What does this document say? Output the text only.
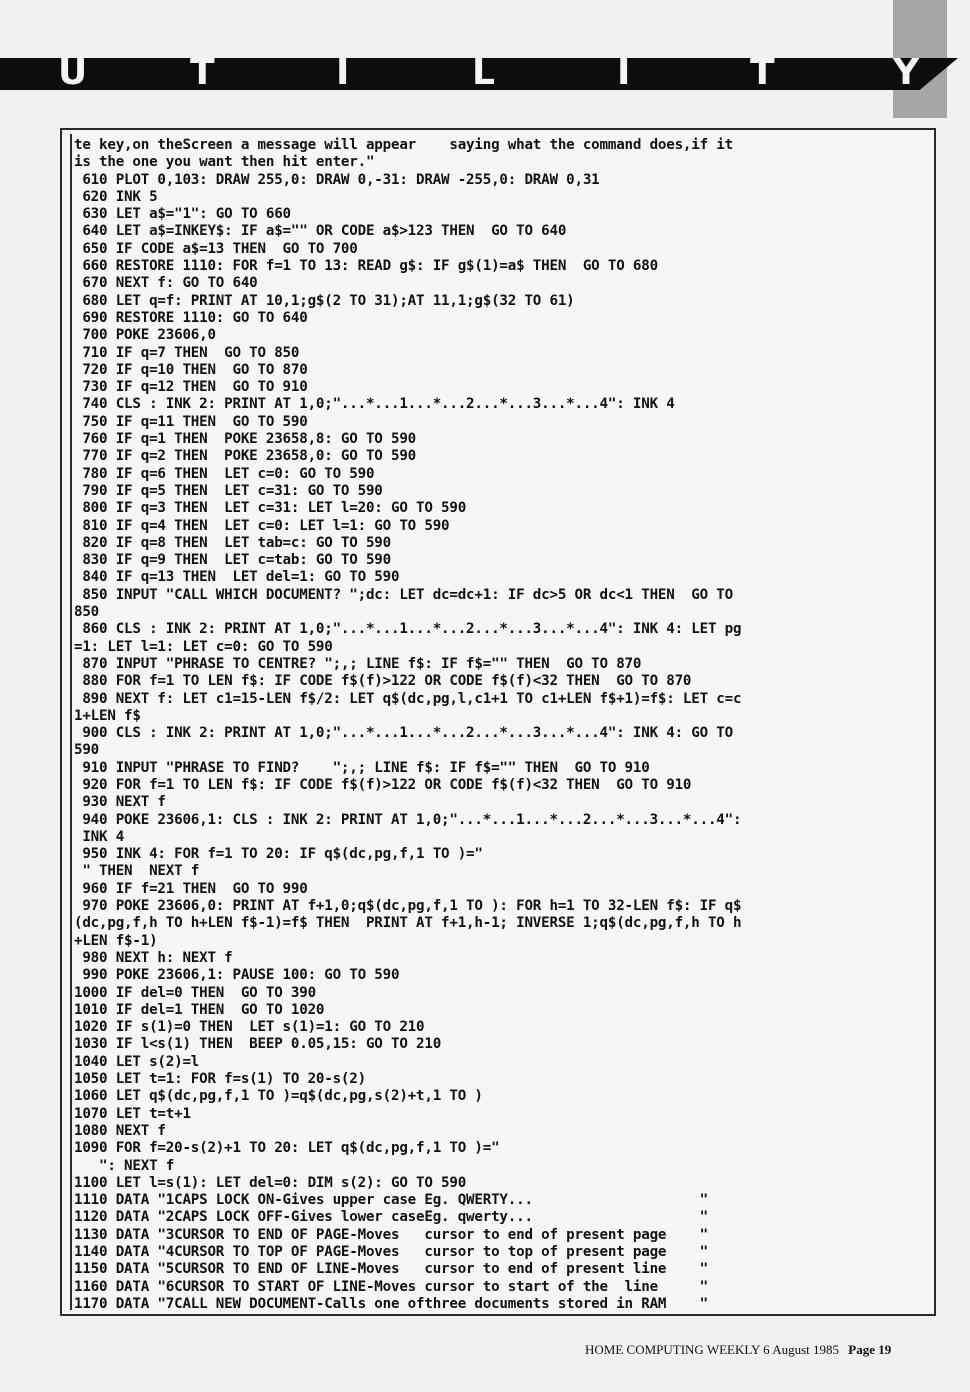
U	T	I	L	I	T	Y
te key,on theScreen a message will appear    saying what the command does,if it
is the one you want then hit enter."
610 PLOT 0,103: DRAW 255,0: DRAW 0,-31: DRAW -255,0: DRAW 0,31
620 INK 5
630 LET a$="1": GO TO 660
640 LET a$=INKEY$: IF a$="" OR CODE a$>123 THEN  GO TO 640
650 IF CODE a$=13 THEN  GO TO 700
660 RESTORE 1110: FOR f=1 TO 13: READ g$: IF g$(1)=a$ THEN  GO TO 680
670 NEXT f: GO TO 640
680 LET q=f: PRINT AT 10,1;g$(2 TO 31);AT 11,1;g$(32 TO 61)
690 RESTORE 1110: GO TO 640
700 POKE 23606,0
710 IF q=7 THEN  GO TO 850
720 IF q=10 THEN  GO TO 870
730 IF q=12 THEN  GO TO 910
740 CLS : INK 2: PRINT AT 1,0;"...*...1...*...2...*...3...*...4": INK 4
750 IF q=11 THEN  GO TO 590
760 IF q=1 THEN  POKE 23658,8: GO TO 590
770 IF q=2 THEN  POKE 23658,0: GO TO 590
780 IF q=6 THEN  LET c=0: GO TO 590
790 IF q=5 THEN  LET c=31: GO TO 590
800 IF q=3 THEN  LET c=31: LET l=20: GO TO 590
810 IF q=4 THEN  LET c=0: LET l=1: GO TO 590
820 IF q=8 THEN  LET tab=c: GO TO 590
830 IF q=9 THEN  LET c=tab: GO TO 590
840 IF q=13 THEN  LET del=1: GO TO 590
850 INPUT "CALL WHICH DOCUMENT? ";dc: LET dc=dc+1: IF dc>5 OR dc<1 THEN  GO TO
850
860 CLS : INK 2: PRINT AT 1,0;"...*...1...*...2...*...3...*...4": INK 4: LET pg
=1: LET l=1: LET c=0: GO TO 590
870 INPUT "PHRASE TO CENTRE? ";,; LINE f$: IF f$="" THEN  GO TO 870
880 FOR f=1 TO LEN f$: IF CODE f$(f)>122 OR CODE f$(f)<32 THEN  GO TO 870
890 NEXT f: LET c1=15-LEN f$/2: LET q$(dc,pg,l,c1+1 TO c1+LEN f$+1)=f$: LET c=c
1+LEN f$
900 CLS : INK 2: PRINT AT 1,0;"...*...1...*...2...*...3...*...4": INK 4: GO TO
590
910 INPUT "PHRASE TO FIND?    ";,; LINE f$: IF f$="" THEN  GO TO 910
920 FOR f=1 TO LEN f$: IF CODE f$(f)>122 OR CODE f$(f)<32 THEN  GO TO 910
930 NEXT f
940 POKE 23606,1: CLS : INK 2: PRINT AT 1,0;"...*...1...*...2...*...3...*...4":
INK 4
950 INK 4: FOR f=1 TO 20: IF q$(dc,pg,f,1 TO )="
" THEN  NEXT f
960 IF f=21 THEN  GO TO 990
970 POKE 23606,0: PRINT AT f+1,0;q$(dc,pg,f,1 TO ): FOR h=1 TO 32-LEN f$: IF q$
(dc,pg,f,h TO h+LEN f$-1)=f$ THEN  PRINT AT f+1,h-1; INVERSE 1;q$(dc,pg,f,h TO h
+LEN f$-1)
980 NEXT h: NEXT f
990 POKE 23606,1: PAUSE 100: GO TO 590
1000 IF del=0 THEN  GO TO 390
1010 IF del=1 THEN  GO TO 1020
1020 IF s(1)=0 THEN  LET s(1)=1: GO TO 210
1030 IF l<s(1) THEN  BEEP 0.05,15: GO TO 210
1040 LET s(2)=l
1050 LET t=1: FOR f=s(1) TO 20-s(2)
1060 LET q$(dc,pg,f,1 TO )=q$(dc,pg,s(2)+t,1 TO )
1070 LET t=t+1
1080 NEXT f
1090 FOR f=20-s(2)+1 TO 20: LET q$(dc,pg,f,1 TO )="
": NEXT f
1100 LET l=s(1): LET del=0: DIM s(2): GO TO 590
1110 DATA "1CAPS LOCK ON-Gives upper case Eg. QWERTY...                    "
1120 DATA "2CAPS LOCK OFF-Gives lower caseEg. qwerty...                    "
1130 DATA "3CURSOR TO END OF PAGE-Moves   cursor to end of present page    "
1140 DATA "4CURSOR TO TOP OF PAGE-Moves   cursor to top of present page    "
1150 DATA "5CURSOR TO END OF LINE-Moves   cursor to end of present line    "
1160 DATA "6CURSOR TO START OF LINE-Moves cursor to start of the  line     "
1170 DATA "7CALL NEW DOCUMENT-Calls one ofthree documents stored in RAM    "
HOME COMPUTING WEEKLY 6 August 1985 Page 19
